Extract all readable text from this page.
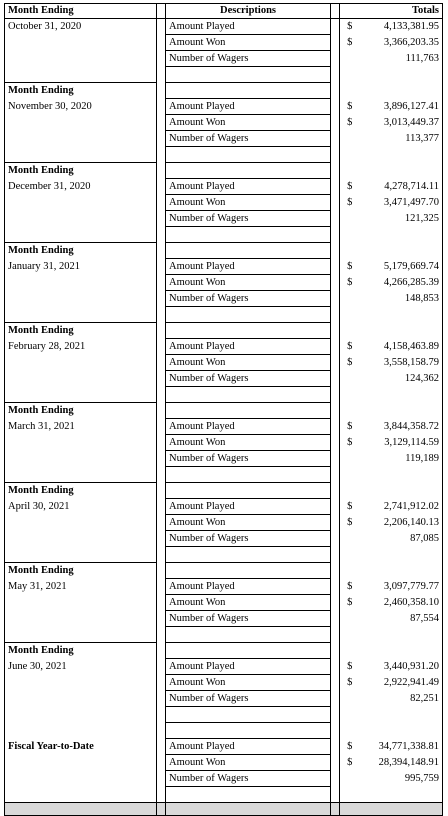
Month Ending		Descriptions		Totals	
October 31, 2020		Amount Played		$	4,133,381.95
		Amount Won		$	3,366,203.35
		Number of Wagers			111,763

Month Ending					
November 30, 2020		Amount Played		$	3,896,127.41
		Amount Won		$	3,013,449.37
		Number of Wagers			113,377

Month Ending					
December 31, 2020		Amount Played		$	4,278,714.11
		Amount Won		$	3,471,497.70
		Number of Wagers			121,325

Month Ending					
January 31, 2021		Amount Played		$	5,179,669.74
		Amount Won		$	4,266,285.39
		Number of Wagers			148,853

Month Ending					
February 28, 2021		Amount Played		$	4,158,463.89
		Amount Won		$	3,558,158.79
		Number of Wagers			124,362

Month Ending					
March 31, 2021		Amount Played		$	3,844,358.72
		Amount Won		$	3,129,114.59
		Number of Wagers			119,189

Month Ending					
April 30, 2021		Amount Played		$	2,741,912.02
		Amount Won		$	2,206,140.13
		Number of Wagers			87,085

Month Ending					
May 31, 2021		Amount Played		$	3,097,779.77
		Amount Won		$	2,460,358.10
		Number of Wagers			87,554

Month Ending					
June 30, 2021		Amount Played		$	3,440,931.20
		Amount Won		$	2,922,941.49
		Number of Wagers			82,251

Fiscal Year-to-Date		Amount Played		$	34,771,338.81
		Amount Won		$	28,394,148.91
		Number of Wagers			995,759
